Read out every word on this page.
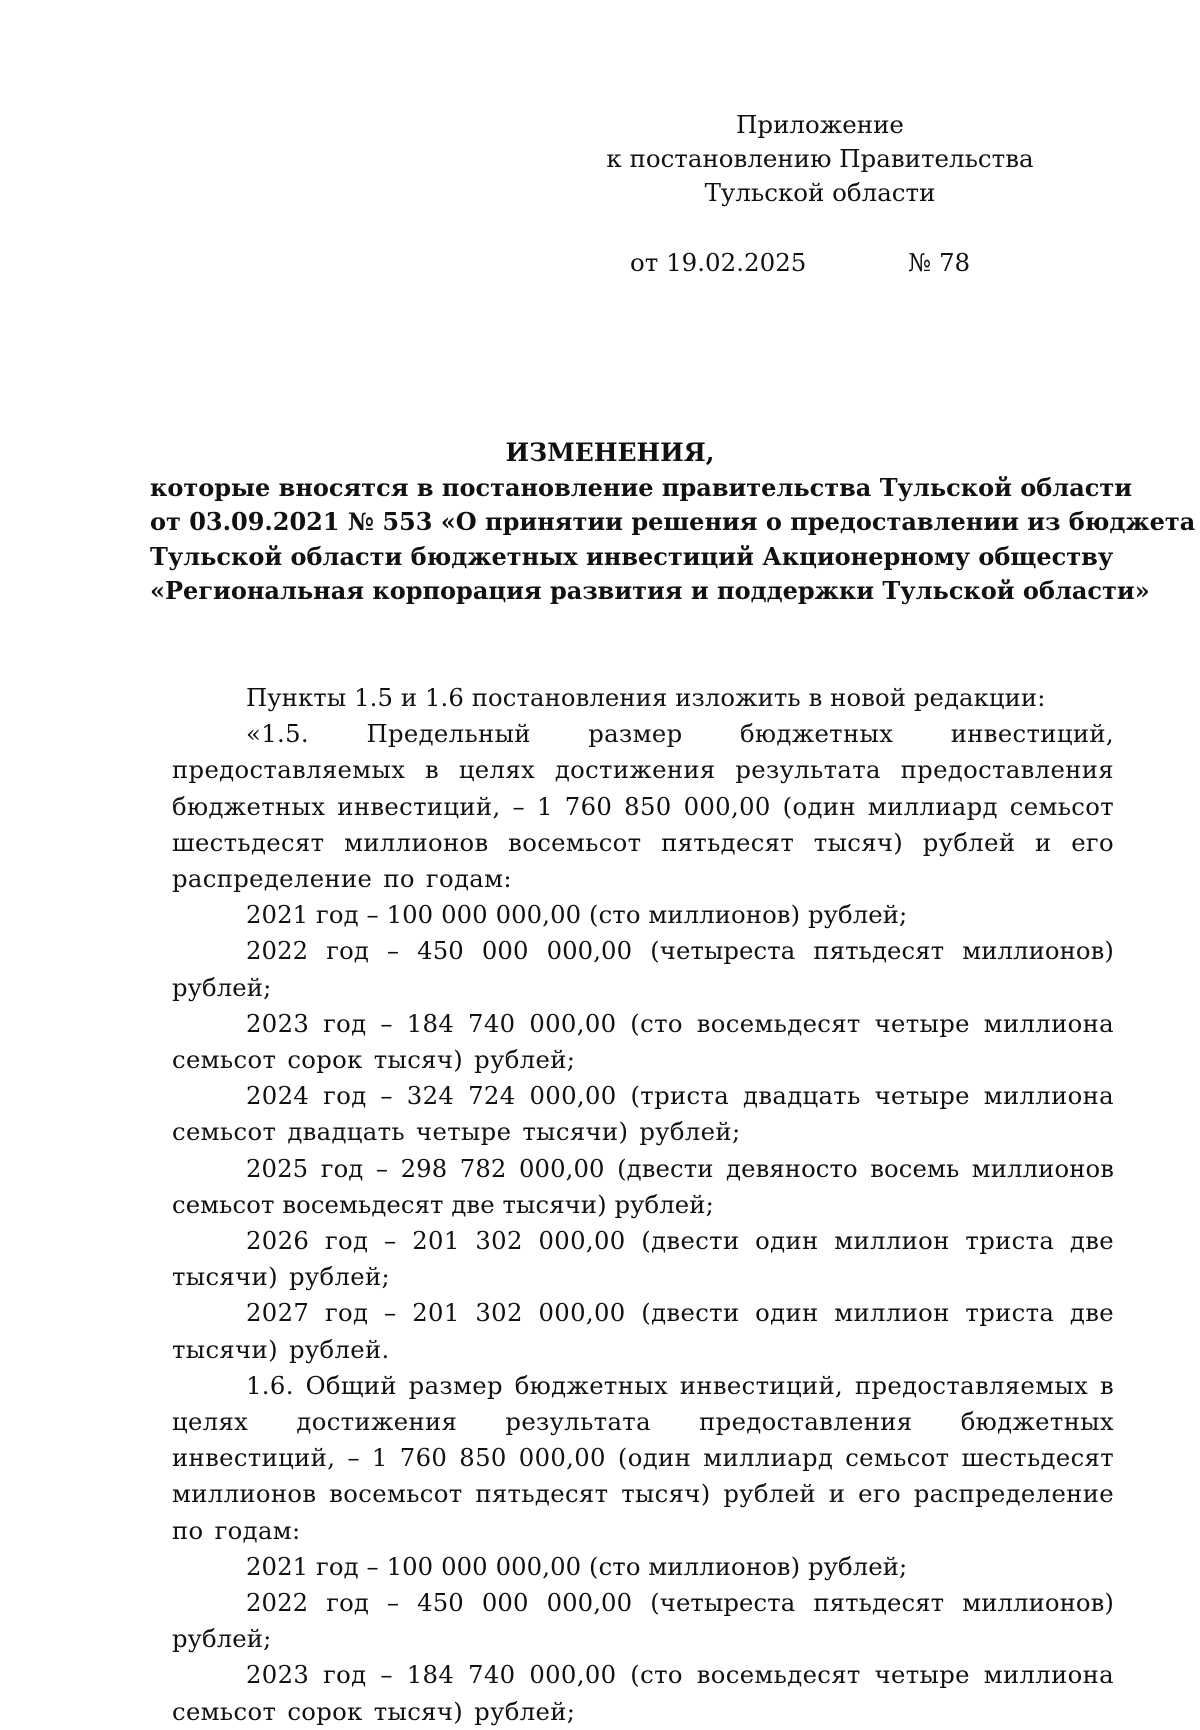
Приложение
к постановлению Правительства
Тульской области
от 19.02.2025	№ 78
ИЗМЕНЕНИЯ,
которые вносятся в постановление правительства Тульской области
от 03.09.2021 № 553 «О принятии решения о предоставлении из бюджета
Тульской области бюджетных инвестиций Акционерному обществу
«Региональная корпорация развития и поддержки Тульской области»

Пункты 1.5 и 1.6 постановления изложить в новой редакции:

«1.5. Предельный размер бюджетных инвестиций, предоставляемых в целях достижения результата предоставления бюджетных инвестиций, – 1 760 850 000,00 (один миллиард семьсот шестьдесят миллионов восемьсот пятьдесят тысяч) рублей и его распределение по годам:

2021 год – 100 000 000,00 (сто миллионов) рублей;

2022 год – 450 000 000,00 (четыреста пятьдесят миллионов) рублей;

2023 год – 184 740 000,00 (сто восемьдесят четыре миллиона семьсот сорок тысяч) рублей;

2024 год – 324 724 000,00 (триста двадцать четыре миллиона семьсот двадцать четыре тысячи) рублей;

2025 год – 298 782 000,00 (двести девяносто восемь миллионов семьсот восемьдесят две тысячи) рублей;

2026 год – 201 302 000,00 (двести один миллион триста две тысячи) рублей;

2027 год – 201 302 000,00 (двести один миллион триста две тысячи) рублей.

1.6. Общий размер бюджетных инвестиций, предоставляемых в целях достижения результата предоставления бюджетных инвестиций, – 1 760 850 000,00 (один миллиард семьсот шестьдесят миллионов восемьсот пятьдесят тысяч) рублей и его распределение по годам:

2021 год – 100 000 000,00 (сто миллионов) рублей;

2022 год – 450 000 000,00 (четыреста пятьдесят миллионов) рублей;

2023 год – 184 740 000,00 (сто восемьдесят четыре миллиона семьсот сорок тысяч) рублей;
